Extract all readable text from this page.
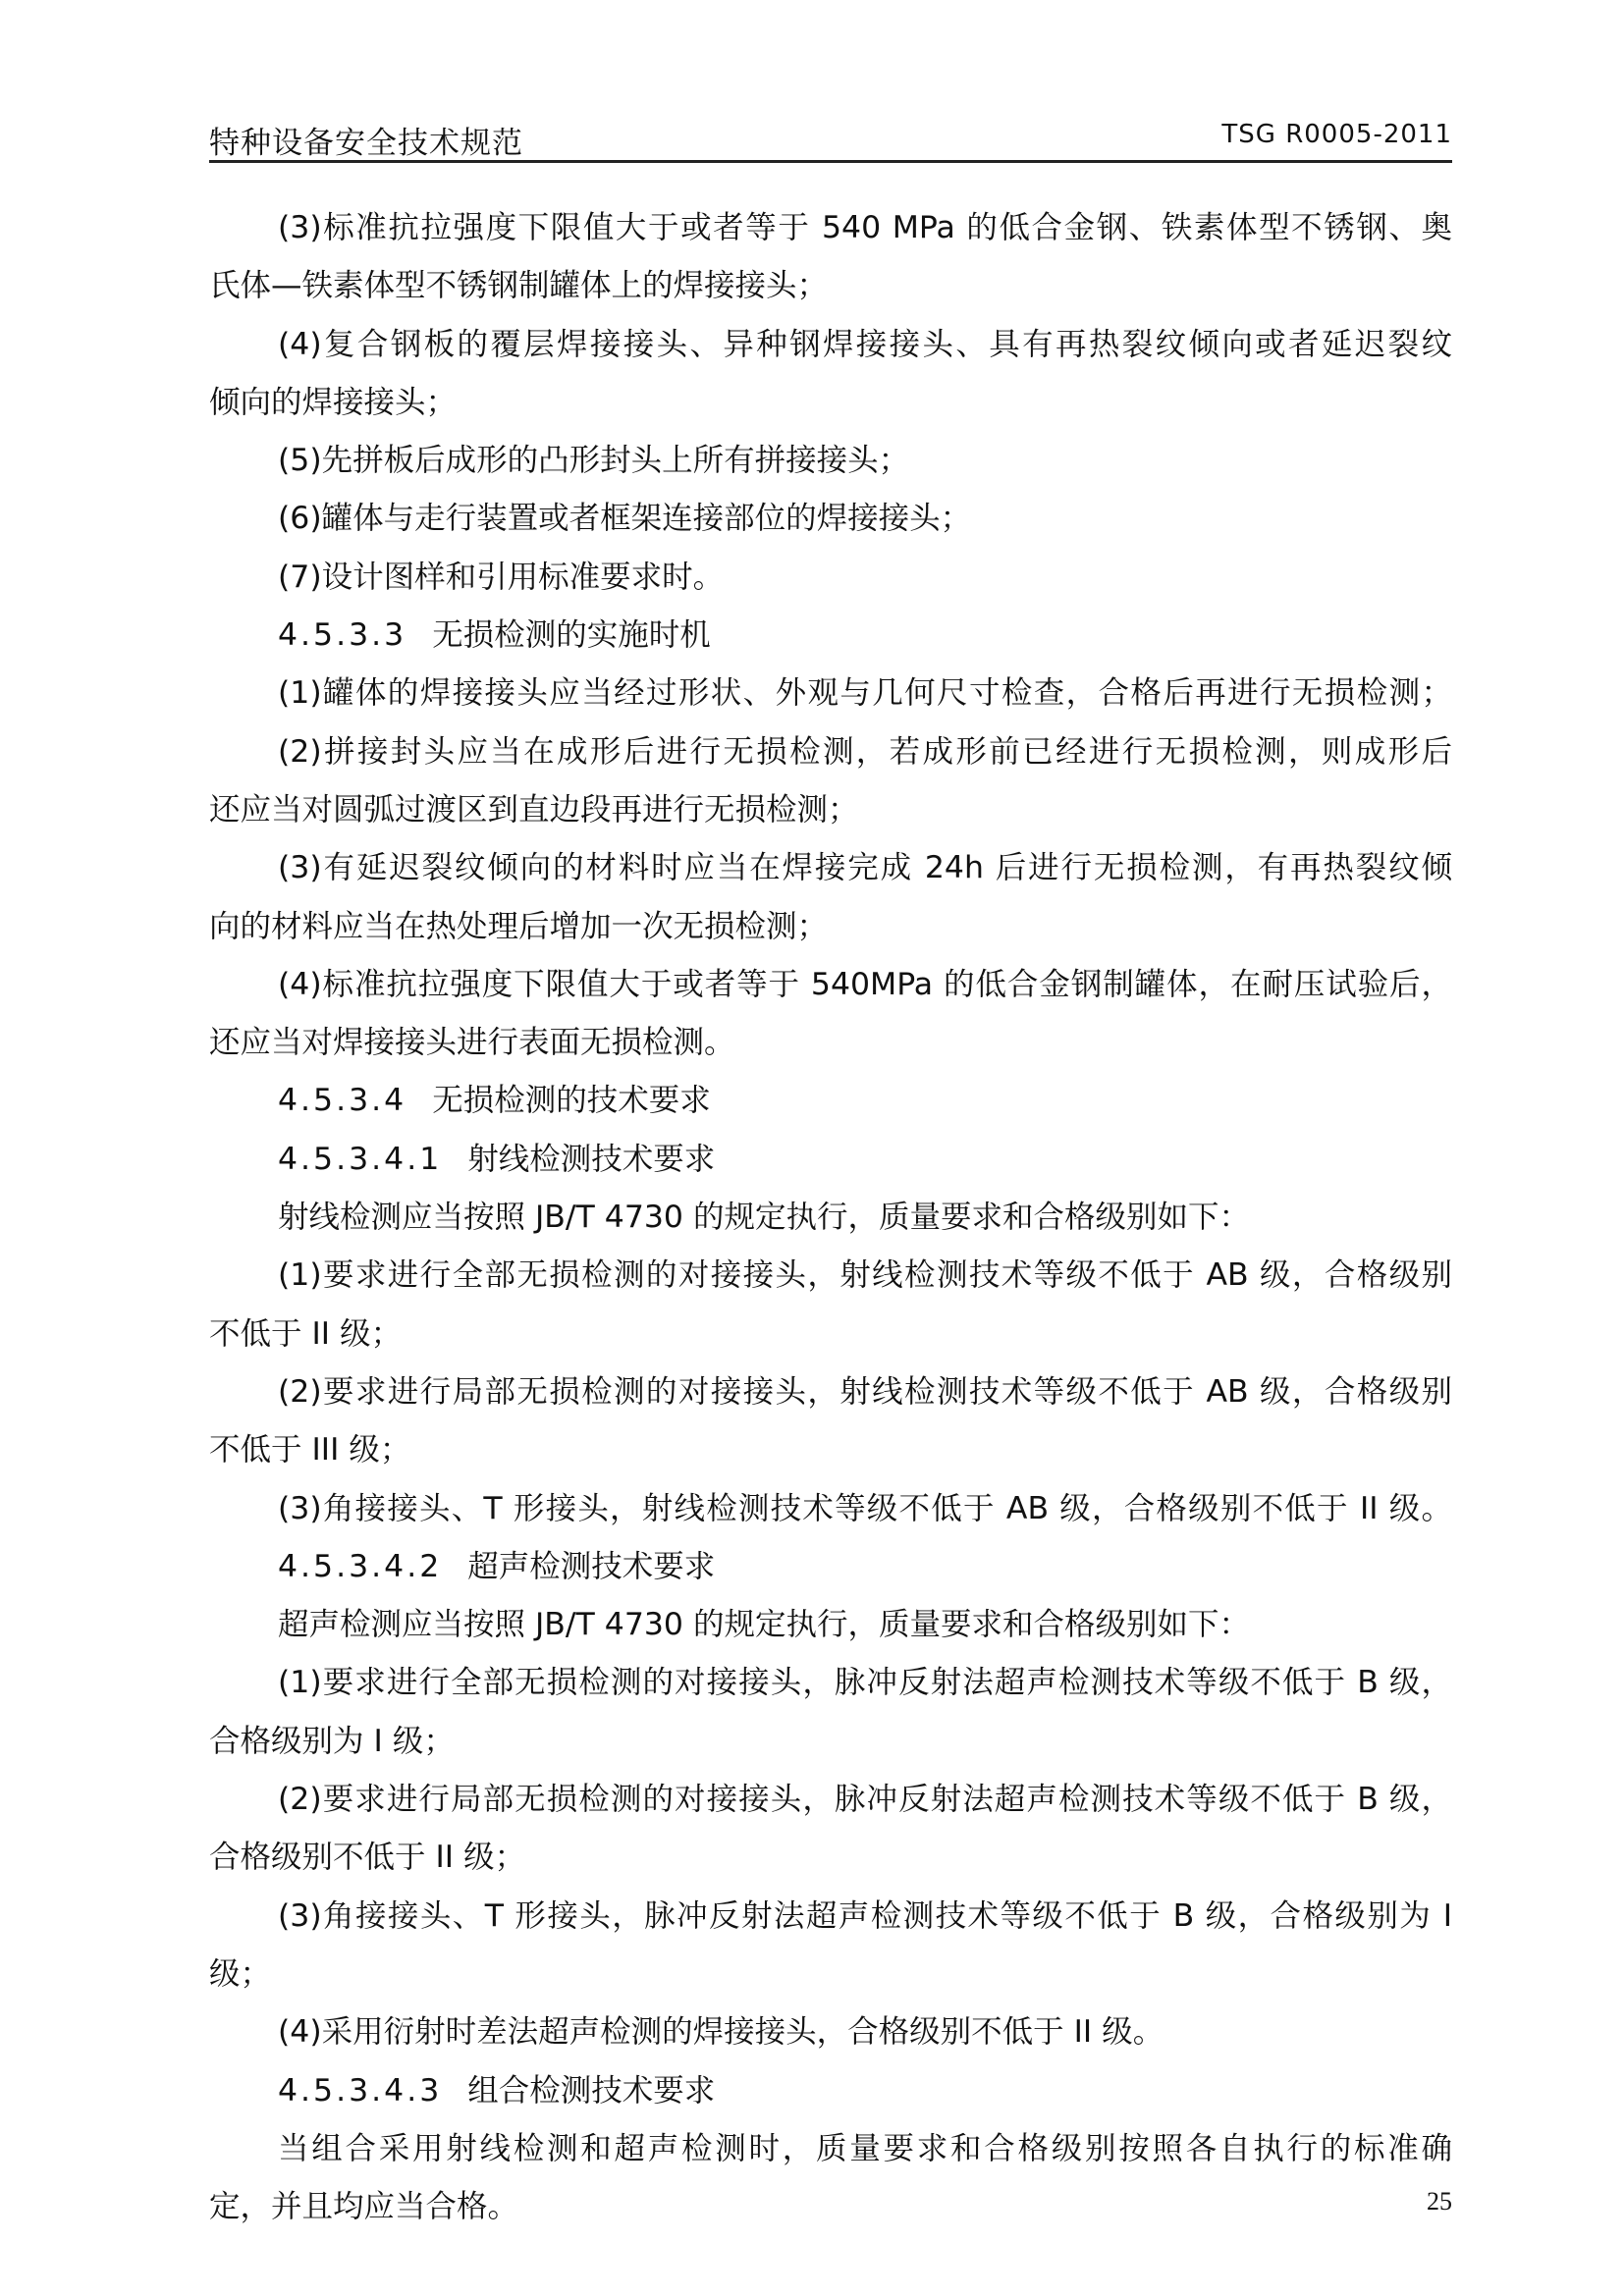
特种设备安全技术规范	TSG R0005-2011
(3)标准抗拉强度下限值大于或者等于 540 MPa 的低合金钢、铁素体型不锈钢、奥
氏体—铁素体型不锈钢制罐体上的焊接接头；
(4)复合钢板的覆层焊接接头、异种钢焊接接头、具有再热裂纹倾向或者延迟裂纹
倾向的焊接接头；
(5)先拼板后成形的凸形封头上所有拼接接头；
(6)罐体与走行装置或者框架连接部位的焊接接头；
(7)设计图样和引用标准要求时。
4.5.3.3 无损检测的实施时机
(1)罐体的焊接接头应当经过形状、外观与几何尺寸检查，合格后再进行无损检测；
(2)拼接封头应当在成形后进行无损检测，若成形前已经进行无损检测，则成形后
还应当对圆弧过渡区到直边段再进行无损检测；
(3)有延迟裂纹倾向的材料时应当在焊接完成 24h 后进行无损检测，有再热裂纹倾
向的材料应当在热处理后增加一次无损检测；
(4)标准抗拉强度下限值大于或者等于 540MPa 的低合金钢制罐体，在耐压试验后，
还应当对焊接接头进行表面无损检测。
4.5.3.4 无损检测的技术要求
4.5.3.4.1 射线检测技术要求
射线检测应当按照 JB/T 4730 的规定执行，质量要求和合格级别如下：
(1)要求进行全部无损检测的对接接头，射线检测技术等级不低于 AB 级，合格级别
不低于 II 级；
(2)要求进行局部无损检测的对接接头，射线检测技术等级不低于 AB 级，合格级别
不低于 III 级；
(3)角接接头、T 形接头，射线检测技术等级不低于 AB 级，合格级别不低于 II 级。
4.5.3.4.2 超声检测技术要求
超声检测应当按照 JB/T 4730 的规定执行，质量要求和合格级别如下：
(1)要求进行全部无损检测的对接接头，脉冲反射法超声检测技术等级不低于 B 级，
合格级别为 I 级；
(2)要求进行局部无损检测的对接接头，脉冲反射法超声检测技术等级不低于 B 级，
合格级别不低于 II 级；
(3)角接接头、T 形接头，脉冲反射法超声检测技术等级不低于 B 级，合格级别为 I
级；
(4)采用衍射时差法超声检测的焊接接头，合格级别不低于 II 级。
4.5.3.4.3 组合检测技术要求
当组合采用射线检测和超声检测时，质量要求和合格级别按照各自执行的标准确
定，并且均应当合格。	25
